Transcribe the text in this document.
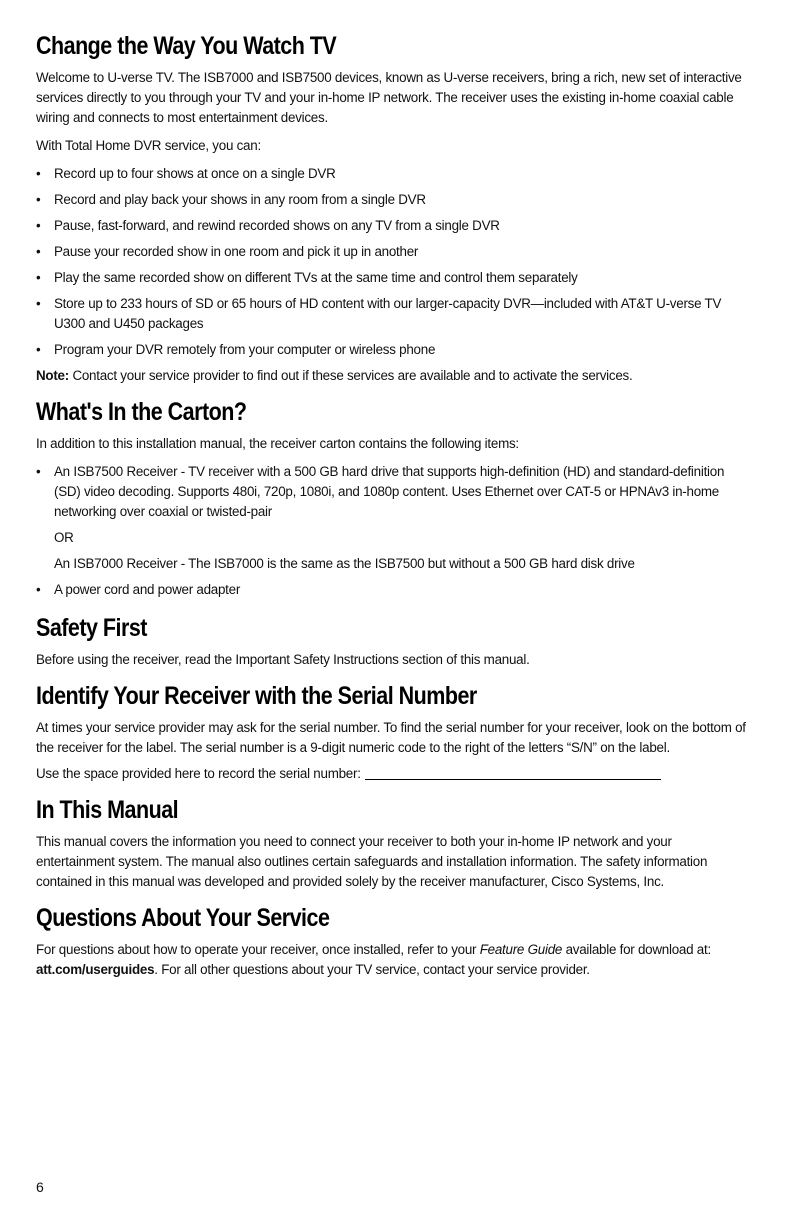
Change the Way You Watch TV

Welcome to U-verse TV. The ISB7000 and ISB7500 devices, known as U-verse receivers, bring a rich, new set of interactive services directly to you through your TV and your in-home IP network. The receiver uses the existing in-home coaxial cable wiring and connects to most entertainment devices.

With Total Home DVR service, you can:

• Record up to four shows at once on a single DVR
• Record and play back your shows in any room from a single DVR
• Pause, fast-forward, and rewind recorded shows on any TV from a single DVR
• Pause your recorded show in one room and pick it up in another
• Play the same recorded show on different TVs at the same time and control them separately
• Store up to 233 hours of SD or 65 hours of HD content with our larger-capacity DVR—included with AT&T U-verse TV U300 and U450 packages
• Program your DVR remotely from your computer or wireless phone

Note: Contact your service provider to find out if these services are available and to activate the services.

What's In the Carton?

In addition to this installation manual, the receiver carton contains the following items:

• An ISB7500 Receiver - TV receiver with a 500 GB hard drive that supports high-definition (HD) and standard-definition (SD) video decoding. Supports 480i, 720p, 1080i, and 1080p content. Uses Ethernet over CAT-5 or HPNAv3 in-home networking over coaxial or twisted-pair
OR
An ISB7000 Receiver - The ISB7000 is the same as the ISB7500 but without a 500 GB hard disk drive
• A power cord and power adapter
Safety First

Before using the receiver, read the Important Safety Instructions section of this manual.

Identify Your Receiver with the Serial Number

At times your service provider may ask for the serial number. To find the serial number for your receiver, look on the bottom of the receiver for the label. The serial number is a 9-digit numeric code to the right of the letters “S/N” on the label.

Use the space provided here to record the serial number:

In This Manual

This manual covers the information you need to connect your receiver to both your in-home IP network and your entertainment system. The manual also outlines certain safeguards and installation information. The safety information contained in this manual was developed and provided solely by the receiver manufacturer, Cisco Systems, Inc.

Questions About Your Service

For questions about how to operate your receiver, once installed, refer to your Feature Guide available for download at: att.com/userguides. For all other questions about your TV service, contact your service provider.

6
